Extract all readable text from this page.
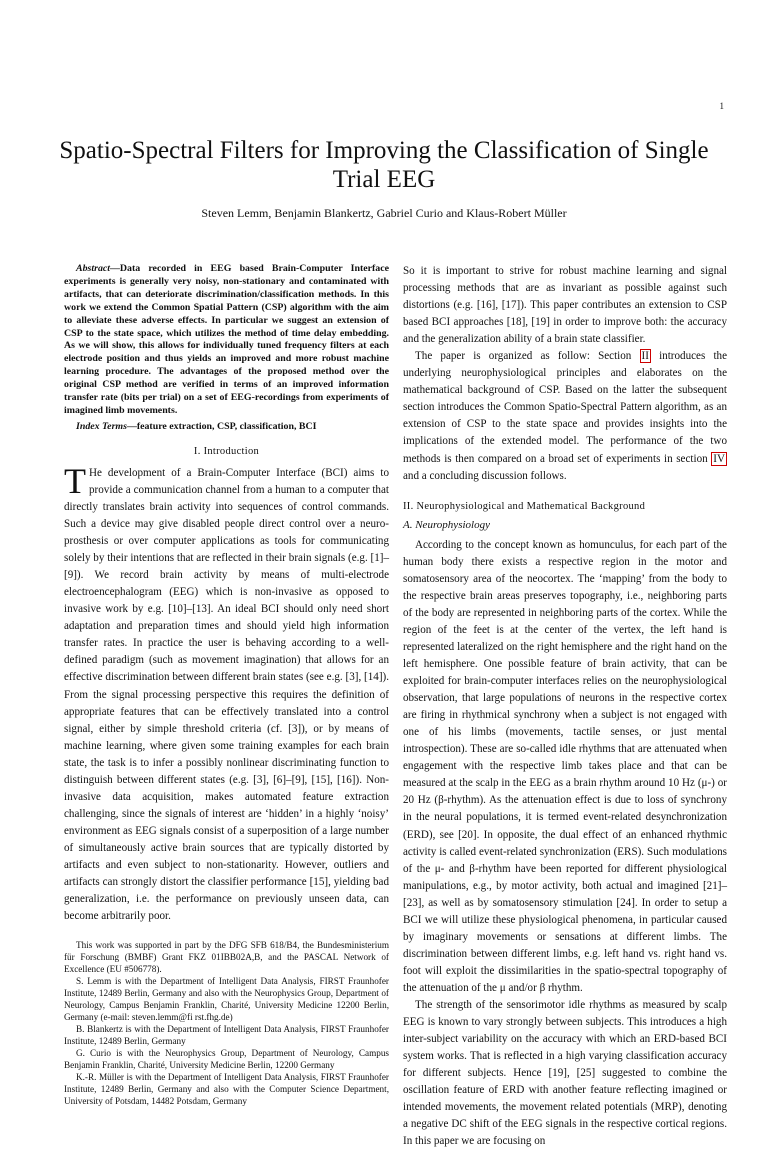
1
Spatio-Spectral Filters for Improving the Classification of Single Trial EEG
Steven Lemm, Benjamin Blankertz, Gabriel Curio and Klaus-Robert Müller

Abstract—Data recorded in EEG based Brain-Computer Interface experiments is generally very noisy, non-stationary and contaminated with artifacts, that can deteriorate discrimination/classification methods. In this work we extend the Common Spatial Pattern (CSP) algorithm with the aim to alleviate these adverse effects. In particular we suggest an extension of CSP to the state space, which utilizes the method of time delay embedding. As we will show, this allows for individually tuned frequency filters at each electrode position and thus yields an improved and more robust machine learning procedure. The advantages of the proposed method over the original CSP method are verified in terms of an improved information transfer rate (bits per trial) on a set of EEG-recordings from experiments of imagined limb movements.

Index Terms—feature extraction, CSP, classification, BCI

I. Introduction

T He development of a Brain-Computer Interface (BCI) aims to provide a communication channel from a human to a computer that directly translates brain activity into sequences of control commands. Such a device may give disabled people direct control over a neuro-prosthesis or over computer applications as tools for communicating solely by their intentions that are reflected in their brain signals (e.g. [1]–[9]). We record brain activity by means of multi-electrode electroencephalogram (EEG) which is non-invasive as opposed to invasive work by e.g. [10]–[13]. An ideal BCI should only need short adaptation and preparation times and should yield high information transfer rates. In practice the user is behaving according to a well-defined paradigm (such as movement imagination) that allows for an effective discrimination between different brain states (see e.g. [3], [14]). From the signal processing perspective this requires the definition of appropriate features that can be effectively translated into a control signal, either by simple threshold criteria (cf. [3]), or by means of machine learning, where given some training examples for each brain state, the task is to infer a possibly nonlinear discriminating function to distinguish between different states (e.g. [3], [6]–[9], [15], [16]). Non-invasive data acquisition, makes automated feature extraction challenging, since the signals of interest are ‘hidden’ in a highly ‘noisy’ environment as EEG signals consist of a superposition of a large number of simultaneously active brain sources that are typically distorted by artifacts and even subject to non-stationarity. However, outliers and artifacts can strongly distort the classifier performance [15], yielding bad generalization, i.e. the performance on previously unseen data, can become arbitrarily poor.

This work was supported in part by the DFG SFB 618/B4, the Bundesministerium für Forschung (BMBF) Grant FKZ 01IBB02A,B, and the PASCAL Network of Excellence (EU #506778).

S. Lemm is with the Department of Intelligent Data Analysis, FIRST Fraunhofer Institute, 12489 Berlin, Germany and also with the Neurophysics Group, Department of Neurology, Campus Benjamin Franklin, Charité, University Medicine 12200 Berlin, Germany (e-mail: steven.lemm@fi rst.fhg.de)

B. Blankertz is with the Department of Intelligent Data Analysis, FIRST Fraunhofer Institute, 12489 Berlin, Germany

G. Curio is with the Neurophysics Group, Department of Neurology, Campus Benjamin Franklin, Charité, University Medicine Berlin, 12200 Germany

K.-R. Müller is with the Department of Intelligent Data Analysis, FIRST Fraunhofer Institute, 12489 Berlin, Germany and also with the Computer Science Department, University of Potsdam, 14482 Potsdam, Germany

So it is important to strive for robust machine learning and signal processing methods that are as invariant as possible against such distortions (e.g. [16], [17]). This paper contributes an extension to CSP based BCI approaches [18], [19] in order to improve both: the accuracy and the generalization ability of a brain state classifier.

The paper is organized as follow: Section II introduces the underlying neurophysiological principles and elaborates on the mathematical background of CSP. Based on the latter the subsequent section introduces the Common Spatio-Spectral Pattern algorithm, as an extension of CSP to the state space and provides insights into the implications of the extended model. The performance of the two methods is then compared on a broad set of experiments in section IV and a concluding discussion follows.

II. Neurophysiological and Mathematical Background
A. Neurophysiology

According to the concept known as homunculus, for each part of the human body there exists a respective region in the motor and somatosensory area of the neocortex. The ‘mapping’ from the body to the respective brain areas preserves topography, i.e., neighboring parts of the body are represented in neighboring parts of the cortex. While the region of the feet is at the center of the vertex, the left hand is represented lateralized on the right hemisphere and the right hand on the left hemisphere. One possible feature of brain activity, that can be exploited for brain-computer interfaces relies on the neurophysiological observation, that large populations of neurons in the respective cortex are firing in rhythmical synchrony when a subject is not engaged with one of his limbs (movements, tactile senses, or just mental introspection). These are so-called idle rhythms that are attenuated when engagement with the respective limb takes place and that can be measured at the scalp in the EEG as a brain rhythm around 10 Hz (μ-) or 20 Hz (β-rhythm). As the attenuation effect is due to loss of synchrony in the neural populations, it is termed event-related desynchronization (ERD), see [20]. In opposite, the dual effect of an enhanced rhythmic activity is called event-related synchronization (ERS). Such modulations of the μ- and β-rhythm have been reported for different physiological manipulations, e.g., by motor activity, both actual and imagined [21]–[23], as well as by somatosensory stimulation [24]. In order to setup a BCI we will utilize these physiological phenomena, in particular caused by imaginary movements or sensations at different limbs. The discrimination between different limbs, e.g. left hand vs. right hand vs. foot will exploit the dissimilarities in the spatio-spectral topography of the attenuation of the μ and/or β rhythm.

The strength of the sensorimotor idle rhythms as measured by scalp EEG is known to vary strongly between subjects. This introduces a high inter-subject variability on the accuracy with which an ERD-based BCI system works. That is reflected in a high varying classification accuracy for different subjects. Hence [19], [25] suggested to combine the oscillation feature of ERD with another feature reflecting imagined or intended movements, the movement related potentials (MRP), denoting a negative DC shift of the EEG signals in the respective cortical regions. In this paper we are focusing on
